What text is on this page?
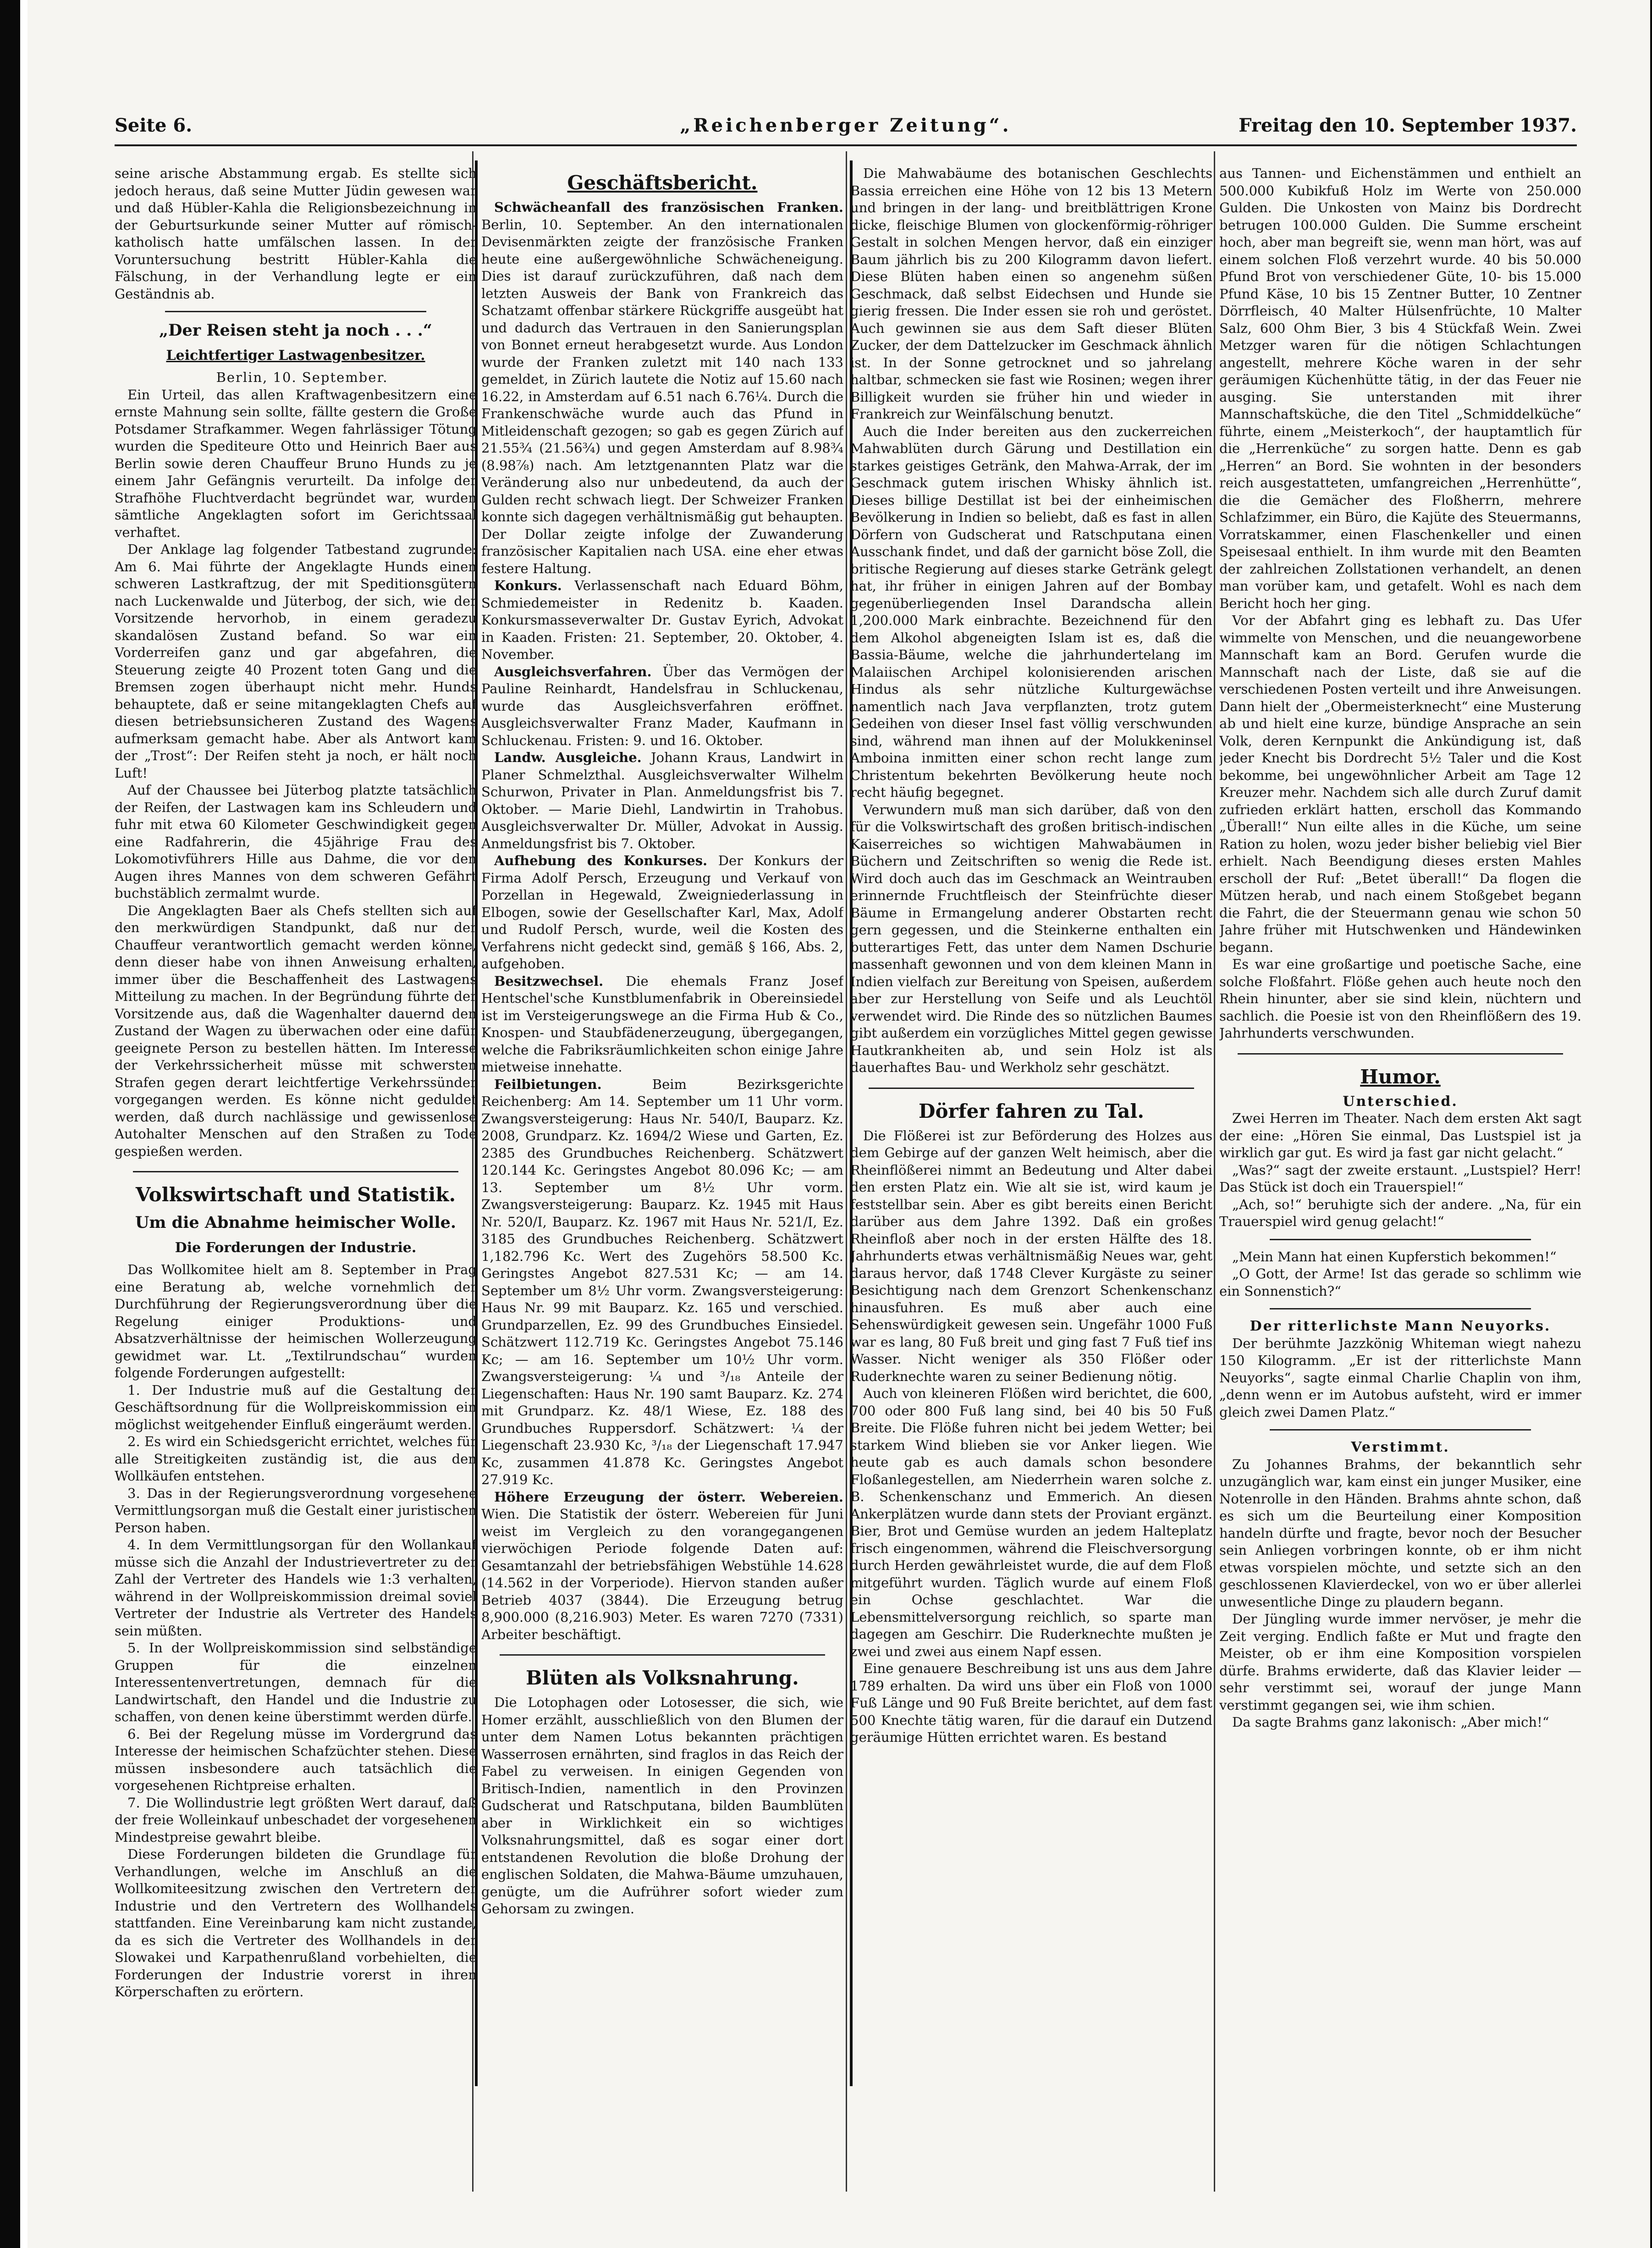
Seite 6.	„Reichenberger Zeitung“.	Freitag den 10. September 1937.

seine arische Abstammung ergab. Es stellte sich jedoch heraus, daß seine Mutter Jüdin gewesen war und daß Hübler-Kahla die Religionsbezeichnung in der Geburtsurkunde seiner Mutter auf römisch-katholisch hatte umfälschen lassen. In der Voruntersuchung bestritt Hübler-Kahla die Fälschung, in der Verhandlung legte er ein Geständnis ab.

„Der Reisen steht ja noch . . .“
Leichtfertiger Lastwagenbesitzer.

Berlin, 10. September.

Ein Urteil, das allen Kraftwagenbesitzern eine ernste Mahnung sein sollte, fällte gestern die Große Potsdamer Strafkammer. Wegen fahrlässiger Tötung wurden die Spediteure Otto und Heinrich Baer aus Berlin sowie deren Chauffeur Bruno Hunds zu je einem Jahr Gefängnis verurteilt. Da infolge der Strafhöhe Fluchtverdacht begründet war, wurden sämtliche Angeklagten sofort im Gerichtssaal verhaftet.

Der Anklage lag folgender Tatbestand zugrunde: Am 6. Mai führte der Angeklagte Hunds einen schweren Lastkraftzug, der mit Speditionsgütern nach Luckenwalde und Jüterbog, der sich, wie der Vorsitzende hervorhob, in einem geradezu skandalösen Zustand befand. So war ein Vorderreifen ganz und gar abgefahren, die Steuerung zeigte 40 Prozent toten Gang und die Bremsen zogen überhaupt nicht mehr. Hunds behauptete, daß er seine mitangeklagten Chefs auf diesen betriebsunsicheren Zustand des Wagens aufmerksam gemacht habe. Aber als Antwort kam der „Trost“: Der Reifen steht ja noch, er hält noch Luft!

Auf der Chaussee bei Jüterbog platzte tatsächlich der Reifen, der Lastwagen kam ins Schleudern und fuhr mit etwa 60 Kilometer Geschwindigkeit gegen eine Radfahrerin, die 45jährige Frau des Lokomotivführers Hille aus Dahme, die vor den Augen ihres Mannes von dem schweren Gefährt buchstäblich zermalmt wurde.

Die Angeklagten Baer als Chefs stellten sich auf den merkwürdigen Standpunkt, daß nur der Chauffeur verantwortlich gemacht werden könne, denn dieser habe von ihnen Anweisung erhalten, immer über die Beschaffenheit des Lastwagens Mitteilung zu machen. In der Begründung führte der Vorsitzende aus, daß die Wagenhalter dauernd den Zustand der Wagen zu überwachen oder eine dafür geeignete Person zu bestellen hätten. Im Interesse der Verkehrssicherheit müsse mit schwersten Strafen gegen derart leichtfertige Verkehrssünder vorgegangen werden. Es könne nicht geduldet werden, daß durch nachlässige und gewissenlose Autohalter Menschen auf den Straßen zu Tode gespießen werden.

Volkswirtschaft und Statistik.
Um die Abnahme heimischer Wolle.
Die Forderungen der Industrie.

Das Wollkomitee hielt am 8. September in Prag eine Beratung ab, welche vornehmlich der Durchführung der Regierungsverordnung über die Regelung einiger Produktions- und Absatzverhältnisse der heimischen Wollerzeugung gewidmet war. Lt. „Textilrundschau“ wurden folgende Forderungen aufgestellt:

1. Der Industrie muß auf die Gestaltung der Geschäftsordnung für die Wollpreiskommission ein möglichst weitgehender Einfluß eingeräumt werden.

2. Es wird ein Schiedsgericht errichtet, welches für alle Streitigkeiten zuständig ist, die aus den Wollkäufen entstehen.

3. Das in der Regierungsverordnung vorgesehene Vermittlungsorgan muß die Gestalt einer juristischen Person haben.

4. In dem Vermittlungsorgan für den Wollankauf müsse sich die Anzahl der Industrievertreter zu der Zahl der Vertreter des Handels wie 1:3 verhalten, während in der Wollpreiskommission dreimal soviel Vertreter der Industrie als Vertreter des Handels sein müßten.

5. In der Wollpreiskommission sind selbständige Gruppen für die einzelnen Interessentenvertretungen, demnach für die Landwirtschaft, den Handel und die Industrie zu schaffen, von denen keine überstimmt werden dürfe.

6. Bei der Regelung müsse im Vordergrund das Interesse der heimischen Schafzüchter stehen. Diese müssen insbesondere auch tatsächlich die vorgesehenen Richtpreise erhalten.

7. Die Wollindustrie legt größten Wert darauf, daß der freie Wolleinkauf unbeschadet der vorgesehenen Mindestpreise gewahrt bleibe.

Diese Forderungen bildeten die Grundlage für Verhandlungen, welche im Anschluß an die Wollkomiteesitzung zwischen den Vertretern der Industrie und den Vertretern des Wollhandels stattfanden. Eine Vereinbarung kam nicht zustande, da es sich die Vertreter des Wollhandels in der Slowakei und Karpathenrußland vorbehielten, die Forderungen der Industrie vorerst in ihren Körperschaften zu erörtern.

Geschäftsbericht.

Schwächeanfall des französischen Franken. Berlin, 10. September. An den internationalen Devisenmärkten zeigte der französische Franken heute eine außergewöhnliche Schwächeneigung. Dies ist darauf zurückzuführen, daß nach dem letzten Ausweis der Bank von Frankreich das Schatzamt offenbar stärkere Rückgriffe ausgeübt hat und dadurch das Vertrauen in den Sanierungsplan von Bonnet erneut herabgesetzt wurde. Aus London wurde der Franken zuletzt mit 140 nach 133 gemeldet, in Zürich lautete die Notiz auf 15.60 nach 16.22, in Amsterdam auf 6.51 nach 6.76¼. Durch die Frankenschwäche wurde auch das Pfund in Mitleidenschaft gezogen; so gab es gegen Zürich auf 21.55¾ (21.56¾) und gegen Amsterdam auf 8.98¾ (8.98⅞) nach. Am letztgenannten Platz war die Veränderung also nur unbedeutend, da auch der Gulden recht schwach liegt. Der Schweizer Franken konnte sich dagegen verhältnismäßig gut behaupten. Der Dollar zeigte infolge der Zuwanderung französischer Kapitalien nach USA. eine eher etwas festere Haltung.

Konkurs. Verlassenschaft nach Eduard Böhm, Schmiedemeister in Redenitz b. Kaaden. Konkursmasseverwalter Dr. Gustav Eyrich, Advokat in Kaaden. Fristen: 21. September, 20. Oktober, 4. November.

Ausgleichsverfahren. Über das Vermögen der Pauline Reinhardt, Handelsfrau in Schluckenau, wurde das Ausgleichsverfahren eröffnet. Ausgleichsverwalter Franz Mader, Kaufmann in Schluckenau. Fristen: 9. und 16. Oktober.

Landw. Ausgleiche. Johann Kraus, Landwirt in Planer Schmelzthal. Ausgleichsverwalter Wilhelm Schurwon, Privater in Plan. Anmeldungsfrist bis 7. Oktober. — Marie Diehl, Landwirtin in Trahobus. Ausgleichsverwalter Dr. Müller, Advokat in Aussig. Anmeldungsfrist bis 7. Oktober.

Aufhebung des Konkurses. Der Konkurs der Firma Adolf Persch, Erzeugung und Verkauf von Porzellan in Hegewald, Zweigniederlassung in Elbogen, sowie der Gesellschafter Karl, Max, Adolf und Rudolf Persch, wurde, weil die Kosten des Verfahrens nicht gedeckt sind, gemäß § 166, Abs. 2, aufgehoben.

Besitzwechsel. Die ehemals Franz Josef Hentschel'sche Kunstblumenfabrik in Obereinsiedel ist im Versteigerungswege an die Firma Hub & Co., Knospen- und Staubfädenerzeugung, übergegangen, welche die Fabriksräumlichkeiten schon einige Jahre mietweise innehatte.

Feilbietungen.	Beim Bezirksgerichte Reichenberg: Am 14. September um 11 Uhr vorm. Zwangsversteigerung: Haus Nr. 540/I, Bauparz. Kz. 2008, Grundparz. Kz. 1694/2 Wiese und Garten, Ez. 2385 des Grundbuches Reichenberg. Schätzwert 120.144 Kc. Geringstes Angebot 80.096 Kc; — am 13. September um 8½ Uhr vorm. Zwangsversteigerung: Bauparz. Kz. 1945 mit Haus Nr. 520/I, Bauparz. Kz. 1967 mit Haus Nr. 521/I, Ez. 3185 des Grundbuches Reichenberg. Schätzwert 1,182.796 Kc. Wert des Zugehörs 58.500 Kc. Geringstes Angebot 827.531 Kc; — am 14. September um 8½ Uhr vorm. Zwangsversteigerung: Haus Nr. 99 mit Bauparz. Kz. 165 und verschied. Grundparzellen, Ez. 99 des Grundbuches Einsiedel. Schätzwert 112.719 Kc. Geringstes Angebot 75.146 Kc; — am 16. September um 10½ Uhr vorm. Zwangsversteigerung: ¼ und ³/₁₈ Anteile der Liegenschaften: Haus Nr. 190 samt Bauparz. Kz. 274 mit Grundparz. Kz. 48/1 Wiese, Ez. 188 des Grundbuches Ruppersdorf. Schätzwert: ¼ der Liegenschaft 23.930 Kc, ³/₁₈ der Liegenschaft 17.947 Kc, zusammen 41.878 Kc. Geringstes Angebot 27.919 Kc.

Höhere Erzeugung der österr. Webereien. Wien. Die Statistik der österr. Webereien für Juni weist im Vergleich zu den vorangegangenen vierwöchigen Periode folgende Daten auf: Gesamtanzahl der betriebsfähigen Webstühle 14.628 (14.562 in der Vorperiode). Hiervon standen außer Betrieb 4037 (3844). Die Erzeugung betrug 8,900.000 (8,216.903) Meter. Es waren 7270 (7331) Arbeiter beschäftigt.

Blüten als Volksnahrung.

Die Lotophagen oder Lotosesser, die sich, wie Homer erzählt, ausschließlich von den Blumen der unter dem Namen Lotus bekannten prächtigen Wasserrosen ernährten, sind fraglos in das Reich der Fabel zu verweisen. In einigen Gegenden von Britisch-Indien, namentlich in den Provinzen Gudscherat und Ratschputana, bilden Baumblüten aber in Wirklichkeit ein so wichtiges Volksnahrungsmittel, daß es sogar einer dort entstandenen Revolution die bloße Drohung der englischen Soldaten, die Mahwa-Bäume umzuhauen, genügte, um die Aufrührer sofort wieder zum Gehorsam zu zwingen.

Die Mahwabäume des botanischen Geschlechts Bassia erreichen eine Höhe von 12 bis 13 Metern und bringen in der lang- und breitblättrigen Krone dicke, fleischige Blumen von glockenförmig-röhriger Gestalt in solchen Mengen hervor, daß ein einziger Baum jährlich bis zu 200 Kilogramm davon liefert. Diese Blüten haben einen so angenehm süßen Geschmack, daß selbst Eidechsen und Hunde sie gierig fressen. Die Inder essen sie roh und geröstet. Auch gewinnen sie aus dem Saft dieser Blüten Zucker, der dem Dattelzucker im Geschmack ähnlich ist. In der Sonne getrocknet und so jahrelang haltbar, schmecken sie fast wie Rosinen; wegen ihrer Billigkeit wurden sie früher hin und wieder in Frankreich zur Weinfälschung benutzt.

Auch die Inder bereiten aus den zuckerreichen Mahwablüten durch Gärung und Destillation ein starkes geistiges Getränk, den Mahwa-Arrak, der im Geschmack gutem irischen Whisky ähnlich ist. Dieses billige Destillat ist bei der einheimischen Bevölkerung in Indien so beliebt, daß es fast in allen Dörfern von Gudscherat und Ratschputana einen Ausschank findet, und daß der garnicht böse Zoll, die britische Regierung auf dieses starke Getränk gelegt hat, ihr früher in einigen Jahren auf der Bombay gegenüberliegenden Insel Darandscha allein 1,200.000 Mark einbrachte. Bezeichnend für den dem Alkohol abgeneigten Islam ist es, daß die Bassia-Bäume, welche die jahrhundertelang im Malaiischen Archipel kolonisierenden arischen Hindus als sehr nützliche Kulturgewächse namentlich nach Java verpflanzten, trotz gutem Gedeihen von dieser Insel fast völlig verschwunden sind, während man ihnen auf der Molukkeninsel Amboina inmitten einer schon recht lange zum Christentum bekehrten Bevölkerung heute noch recht häufig begegnet.

Verwundern muß man sich darüber, daß von den für die Volkswirtschaft des großen britisch-indischen Kaiserreiches so wichtigen Mahwabäumen in Büchern und Zeitschriften so wenig die Rede ist. Wird doch auch das im Geschmack an Weintrauben erinnernde Fruchtfleisch der Steinfrüchte dieser Bäume in Ermangelung anderer Obstarten recht gern gegessen, und die Steinkerne enthalten ein butterartiges Fett, das unter dem Namen Dschurie massenhaft gewonnen und von dem kleinen Mann in Indien vielfach zur Bereitung von Speisen, außerdem aber zur Herstellung von Seife und als Leuchtöl verwendet wird. Die Rinde des so nützlichen Baumes gibt außerdem ein vorzügliches Mittel gegen gewisse Hautkrankheiten ab, und sein Holz ist als dauerhaftes Bau- und Werkholz sehr geschätzt.

Dörfer fahren zu Tal.

Die Flößerei ist zur Beförderung des Holzes aus dem Gebirge auf der ganzen Welt heimisch, aber die Rheinflößerei nimmt an Bedeutung und Alter dabei den ersten Platz ein. Wie alt sie ist, wird kaum je feststellbar sein. Aber es gibt bereits einen Bericht darüber aus dem Jahre 1392. Daß ein großes Rheinfloß aber noch in der ersten Hälfte des 18. Jahrhunderts etwas verhältnismäßig Neues war, geht daraus hervor, daß 1748 Clever Kurgäste zu seiner Besichtigung nach dem Grenzort Schenkenschanz hinausfuhren. Es muß aber auch eine Sehenswürdigkeit gewesen sein. Ungefähr 1000 Fuß war es lang, 80 Fuß breit und ging fast 7 Fuß tief ins Wasser. Nicht weniger als 350 Flößer oder Ruderknechte waren zu seiner Bedienung nötig.

Auch von kleineren Flößen wird berichtet, die 600, 700 oder 800 Fuß lang sind, bei 40 bis 50 Fuß Breite. Die Flöße fuhren nicht bei jedem Wetter; bei starkem Wind blieben sie vor Anker liegen. Wie heute gab es auch damals schon besondere Floßanlegestellen, am Niederrhein waren solche z. B. Schenkenschanz und Emmerich. An diesen Ankerplätzen wurde dann stets der Proviant ergänzt. Bier, Brot und Gemüse wurden an jedem Halteplatz frisch eingenommen, während die Fleischversorgung durch Herden gewährleistet wurde, die auf dem Floß mitgeführt wurden. Täglich wurde auf einem Floß ein Ochse geschlachtet. War die Lebensmittelversorgung reichlich, so sparte man dagegen am Geschirr. Die Ruderknechte mußten je zwei und zwei aus einem Napf essen.

Eine genauere Beschreibung ist uns aus dem Jahre 1789 erhalten. Da wird uns über ein Floß von 1000 Fuß Länge und 90 Fuß Breite berichtet, auf dem fast 500 Knechte tätig waren, für die darauf ein Dutzend geräumige Hütten errichtet waren. Es bestand

aus Tannen- und Eichenstämmen und enthielt an 500.000 Kubikfuß Holz im Werte von 250.000 Gulden. Die Unkosten von Mainz bis Dordrecht betrugen 100.000 Gulden. Die Summe erscheint hoch, aber man begreift sie, wenn man hört, was auf einem solchen Floß verzehrt wurde. 40 bis 50.000 Pfund Brot von verschiedener Güte, 10- bis 15.000 Pfund Käse, 10 bis 15 Zentner Butter, 10 Zentner Dörrfleisch, 40 Malter Hülsenfrüchte, 10 Malter Salz, 600 Ohm Bier, 3 bis 4 Stückfaß Wein. Zwei Metzger waren für die nötigen Schlachtungen angestellt, mehrere Köche waren in der sehr geräumigen Küchenhütte tätig, in der das Feuer nie ausging. Sie unterstanden mit ihrer Mannschaftsküche, die den Titel „Schmiddelküche“ führte, einem „Meisterkoch“, der hauptamtlich für die „Herrenküche“ zu sorgen hatte. Denn es gab „Herren“ an Bord. Sie wohnten in der besonders reich ausgestatteten, umfangreichen „Herrenhütte“, die die Gemächer des Floßherrn, mehrere Schlafzimmer, ein Büro, die Kajüte des Steuermanns, Vorratskammer, einen Flaschenkeller und einen Speisesaal enthielt. In ihm wurde mit den Beamten der zahlreichen Zollstationen verhandelt, an denen man vorüber kam, und getafelt. Wohl es nach dem Bericht hoch her ging.

Vor der Abfahrt ging es lebhaft zu. Das Ufer wimmelte von Menschen, und die neuangeworbene Mannschaft kam an Bord. Gerufen wurde die Mannschaft nach der Liste, daß sie auf die verschiedenen Posten verteilt und ihre Anweisungen. Dann hielt der „Obermeisterknecht“ eine Musterung ab und hielt eine kurze, bündige Ansprache an sein Volk, deren Kernpunkt die Ankündigung ist, daß jeder Knecht bis Dordrecht 5½ Taler und die Kost bekomme, bei ungewöhnlicher Arbeit am Tage 12 Kreuzer mehr. Nachdem sich alle durch Zuruf damit zufrieden erklärt hatten, erscholl das Kommando „Überall!“ Nun eilte alles in die Küche, um seine Ration zu holen, wozu jeder bisher beliebig viel Bier erhielt. Nach Beendigung dieses ersten Mahles erscholl der Ruf: „Betet überall!“ Da flogen die Mützen herab, und nach einem Stoßgebet begann die Fahrt, die der Steuermann genau wie schon 50 Jahre früher mit Hutschwenken und Händewinken begann.

Es war eine großartige und poetische Sache, eine solche Floßfahrt. Flöße gehen auch heute noch den Rhein hinunter, aber sie sind klein, nüchtern und sachlich. die Poesie ist von den Rheinflößern des 19. Jahrhunderts verschwunden.

Humor.
Unterschied.

Zwei Herren im Theater. Nach dem ersten Akt sagt der eine: „Hören Sie einmal, Das Lustspiel ist ja wirklich gar gut. Es wird ja fast gar nicht gelacht.“

„Was?“ sagt der zweite erstaunt. „Lustspiel? Herr! Das Stück ist doch ein Trauerspiel!“

„Ach, so!“ beruhigte sich der andere. „Na, für ein Trauerspiel wird genug gelacht!“

„Mein Mann hat einen Kupferstich bekommen!“

„O Gott, der Arme! Ist das gerade so schlimm wie ein Sonnenstich?“

Der ritterlichste Mann Neuyorks.

Der berühmte Jazzkönig Whiteman wiegt nahezu 150 Kilogramm. „Er ist der ritterlichste Mann Neuyorks“, sagte einmal Charlie Chaplin von ihm, „denn wenn er im Autobus aufsteht, wird er immer gleich zwei Damen Platz.“

Verstimmt.

Zu Johannes Brahms, der bekanntlich sehr unzugänglich war, kam einst ein junger Musiker, eine Notenrolle in den Händen. Brahms ahnte schon, daß es sich um die Beurteilung einer Komposition handeln dürfte und fragte, bevor noch der Besucher sein Anliegen vorbringen konnte, ob er ihm nicht etwas vorspielen möchte, und setzte sich an den geschlossenen Klavierdeckel, von wo er über allerlei unwesentliche Dinge zu plaudern begann.

Der Jüngling wurde immer nervöser, je mehr die Zeit verging. Endlich faßte er Mut und fragte den Meister, ob er ihm eine Komposition vorspielen dürfe. Brahms erwiderte, daß das Klavier leider — sehr verstimmt sei, worauf der junge Mann verstimmt gegangen sei, wie ihm schien.

Da sagte Brahms ganz lakonisch: „Aber mich!“
